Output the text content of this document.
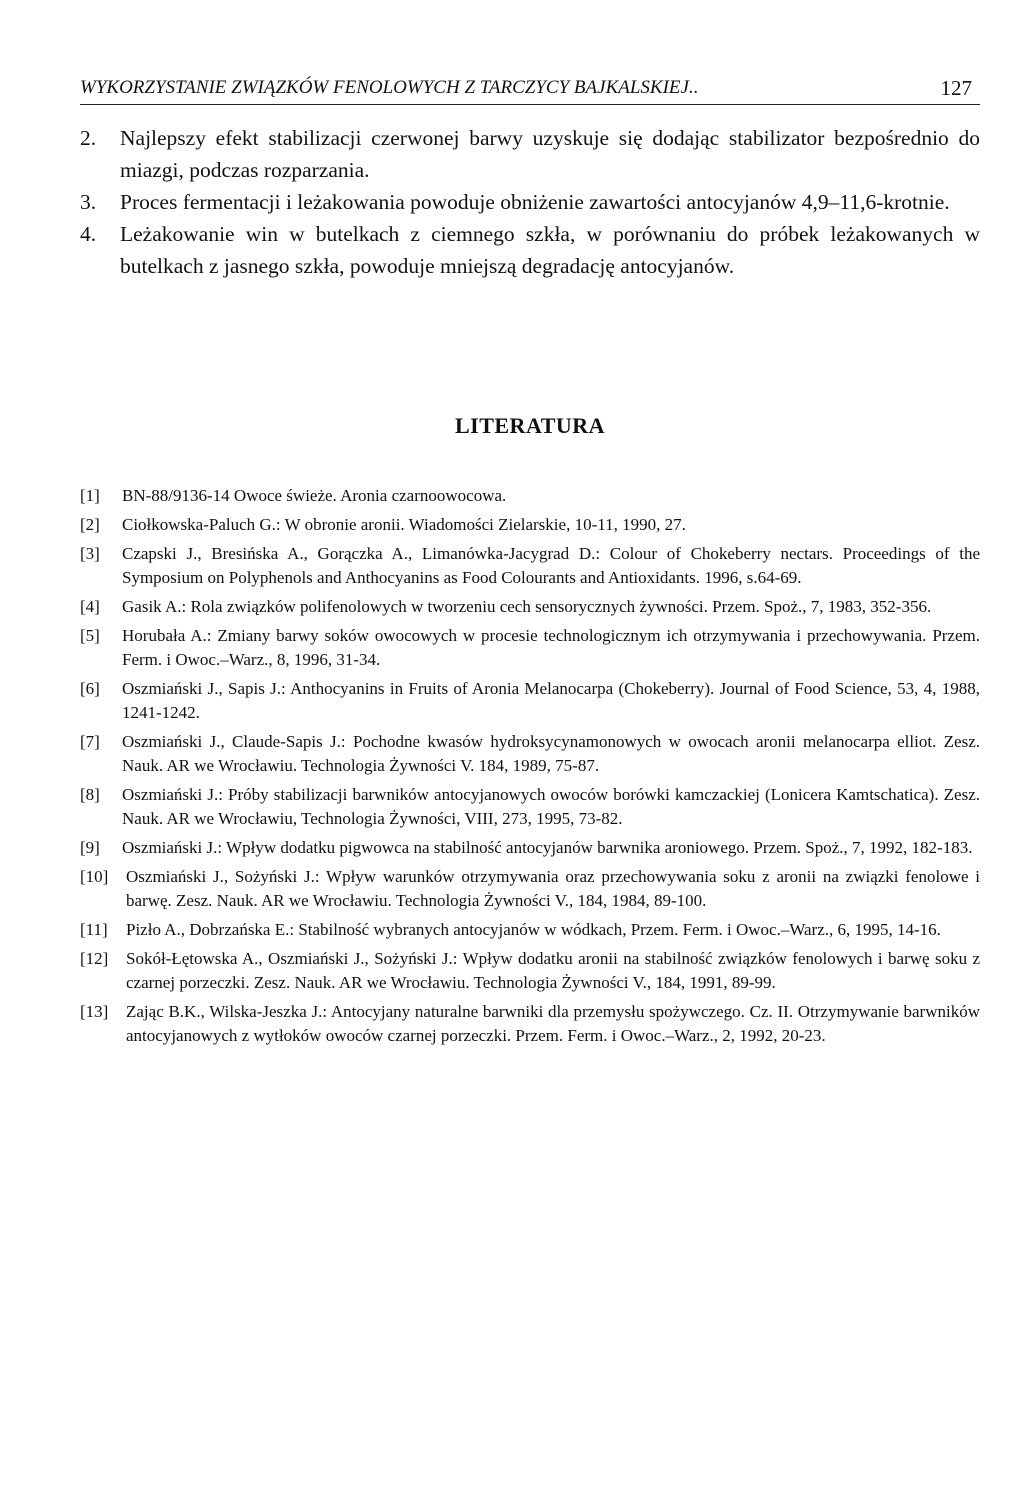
WYKORZYSTANIE ZWIĄZKÓW FENOLOWYCH Z TARCZYCY BAJKALSKIEJ..	127
2. Najlepszy efekt stabilizacji czerwonej barwy uzyskuje się dodając stabilizator bezpośrednio do miazgi, podczas rozparzania.
3. Proces fermentacji i leżakowania powoduje obniżenie zawartości antocyjanów 4,9–11,6-krotnie.
4. Leżakowanie win w butelkach z ciemnego szkła, w porównaniu do próbek leżakowanych w butelkach z jasnego szkła, powoduje mniejszą degradację antocyjanów.
LITERATURA
[1] BN-88/9136-14 Owoce świeże. Aronia czarnoowocowa.
[2] Ciołkowska-Paluch G.: W obronie aronii. Wiadomości Zielarskie, 10-11, 1990, 27.
[3] Czapski J., Bresińska A., Gorączka A., Limanówka-Jacygrad D.: Colour of Chokeberry nectars. Proceedings of the Symposium on Polyphenols and Anthocyanins as Food Colourants and Antioxidants. 1996, s.64-69.
[4] Gasik A.: Rola związków polifenolowych w tworzeniu cech sensorycznych żywności. Przem. Spoż., 7, 1983, 352-356.
[5] Horubała A.: Zmiany barwy soków owocowych w procesie technologicznym ich otrzymywania i przechowywania. Przem. Ferm. i Owoc.–Warz., 8, 1996, 31-34.
[6] Oszmiański J., Sapis J.: Anthocyanins in Fruits of Aronia Melanocarpa (Chokeberry). Journal of Food Science, 53, 4, 1988, 1241-1242.
[7] Oszmiański J., Claude-Sapis J.: Pochodne kwasów hydroksycynamonowych w owocach aronii melanocarpa elliot. Zesz. Nauk. AR we Wrocławiu. Technologia Żywności V. 184, 1989, 75-87.
[8] Oszmiański J.: Próby stabilizacji barwników antocyjanowych owoców borówki kamczackiej (Lonicera Kamtschatica). Zesz. Nauk. AR we Wrocławiu, Technologia Żywności, VIII, 273, 1995, 73-82.
[9] Oszmiański J.: Wpływ dodatku pigwowca na stabilność antocyjanów barwnika aroniowego. Przem. Spoż., 7, 1992, 182-183.
[10] Oszmiański J., Sożyński J.: Wpływ warunków otrzymywania oraz przechowywania soku z aronii na związki fenolowe i barwę. Zesz. Nauk. AR we Wrocławiu. Technologia Żywności V., 184, 1984, 89-100.
[11] Pizło A., Dobrzańska E.: Stabilność wybranych antocyjanów w wódkach, Przem. Ferm. i Owoc.–Warz., 6, 1995, 14-16.
[12] Sokół-Łętowska A., Oszmiański J., Sożyński J.: Wpływ dodatku aronii na stabilność związków fenolowych i barwę soku z czarnej porzeczki. Zesz. Nauk. AR we Wrocławiu. Technologia Żywności V., 184, 1991, 89-99.
[13] Zając B.K., Wilska-Jeszka J.: Antocyjany naturalne barwniki dla przemysłu spożywczego. Cz. II. Otrzymywanie barwników antocyjanowych z wytłoków owoców czarnej porzeczki. Przem. Ferm. i Owoc.–Warz., 2, 1992, 20-23.
